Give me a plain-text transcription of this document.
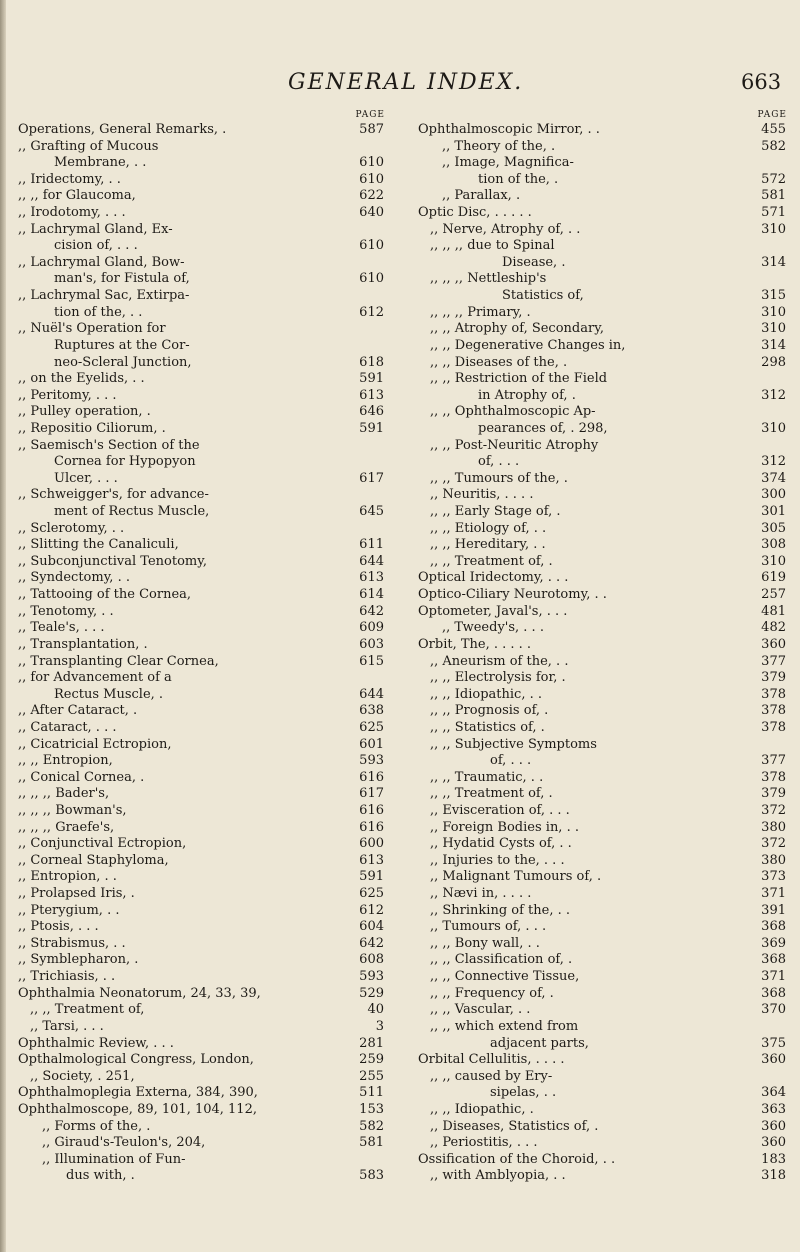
GENERAL INDEX.	663
PAGE
Operations, General Remarks, .	587
,, Grafting of Mucous
Membrane, . .	610
,, Iridectomy, . .	610
,, ,, for Glaucoma,	622
,, Irodotomy, . . .	640
,, Lachrymal Gland, Ex-
cision of, . . .	610
,, Lachrymal Gland, Bow-
man's, for Fistula of,	610
,, Lachrymal Sac, Extirpa-
tion of the, . .	612
,, Nuël's Operation for
Ruptures at the Cor-
neo-Scleral Junction,	618
,, on the Eyelids, . .	591
,, Peritomy, . . .	613
,, Pulley operation, .	646
,, Repositio Ciliorum, .	591
,, Saemisch's Section of the
Cornea for Hypopyon
Ulcer, . . .	617
,, Schweigger's, for advance-
ment of Rectus Muscle,	645
,, Sclerotomy, . .
,, Slitting the Canaliculi,	611
,, Subconjunctival Tenotomy,	644
,, Syndectomy, . .	613
,, Tattooing of the Cornea,	614
,, Tenotomy, . .	642
,, Teale's, . . .	609
,, Transplantation, .	603
,, Transplanting Clear Cornea,	615
,, for Advancement of a
Rectus Muscle, .	644
,, After Cataract, .	638
,, Cataract, . . .	625
,, Cicatricial Ectropion,	601
,, ,, Entropion,	593
,, Conical Cornea, .	616
,, ,, ,, Bader's,	617
,, ,, ,, Bowman's,	616
,, ,, ,, Graefe's,	616
,, Conjunctival Ectropion,	600
,, Corneal Staphyloma,	613
,, Entropion, . .	591
,, Prolapsed Iris, .	625
,, Pterygium, . .	612
,, Ptosis, . . .	604
,, Strabismus, . .	642
,, Symblepharon, .	608
,, Trichiasis, . .	593
Ophthalmia Neonatorum, 24, 33, 39,	529
,, ,, Treatment of,	40
,, Tarsi, . . .	3
Ophthalmic Review, . . .	281
Opthalmological Congress, London,	259
,, Society, . 251,	255
Ophthalmoplegia Externa, 384, 390,	511
Ophthalmoscope, 89, 101, 104, 112,	153
,, Forms of the, .	582
,, Giraud's-Teulon's, 204,	581
,, Illumination of Fun-
dus with, .	583
PAGE
Ophthalmoscopic Mirror, . .	455
,, Theory of the, .	582
,, Image, Magnifica-
tion of the, .	572
,, Parallax, .	581
Optic Disc, . . . . .	571
,, Nerve, Atrophy of, . .	310
,, ,, ,, due to Spinal
Disease, .	314
,, ,, ,, Nettleship's
Statistics of,	315
,, ,, ,, Primary, .	310
,, ,, Atrophy of, Secondary,	310
,, ,, Degenerative Changes in,	314
,, ,, Diseases of the, .	298
,, ,, Restriction of the Field
in Atrophy of, .	312
,, ,, Ophthalmoscopic Ap-
pearances of, . 298,	310
,, ,, Post-Neuritic Atrophy
of, . . .	312
,, ,, Tumours of the, .	374
,, Neuritis, . . . .	300
,, ,, Early Stage of, .	301
,, ,, Etiology of, . .	305
,, ,, Hereditary, . .	308
,, ,, Treatment of, .	310
Optical Iridectomy, . . .	619
Optico-Ciliary Neurotomy, . .	257
Optometer, Javal's, . . .	481
,, Tweedy's, . . .	482
Orbit, The, . . . . .	360
,, Aneurism of the, . .	377
,, ,, Electrolysis for, .	379
,, ,, Idiopathic, . .	378
,, ,, Prognosis of, .	378
,, ,, Statistics of, .	378
,, ,, Subjective Symptoms
of, . . .	377
,, ,, Traumatic, . .	378
,, ,, Treatment of, .	379
,, Evisceration of, . . .	372
,, Foreign Bodies in, . .	380
,, Hydatid Cysts of, . .	372
,, Injuries to the, . . .	380
,, Malignant Tumours of, .	373
,, Nævi in, . . . .	371
,, Shrinking of the, . .	391
,, Tumours of, . . .	368
,, ,, Bony wall, . .	369
,, ,, Classification of, .	368
,, ,, Connective Tissue,	371
,, ,, Frequency of, .	368
,, ,, Vascular, . .	370
,, ,, which extend from
adjacent parts,	375
Orbital Cellulitis, . . . .	360
,, ,, caused by Ery-
sipelas, . .	364
,, ,, Idiopathic, .	363
,, Diseases, Statistics of, .	360
,, Periostitis, . . .	360
Ossification of the Choroid, . .	183
,, with Amblyopia, . .	318
